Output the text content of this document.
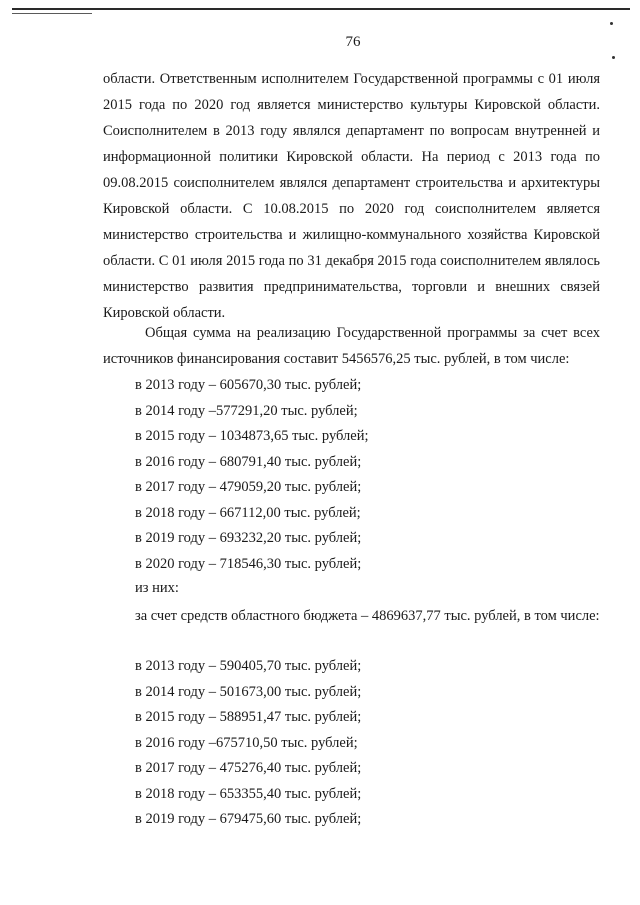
76

области. Ответственным исполнителем Государственной программы с 01 июля 2015 года по 2020 год является министерство культуры Кировской области. Соисполнителем в 2013 году являлся департамент по вопросам внутренней и информационной политики Кировской области. На период с 2013 года по 09.08.2015 соисполнителем являлся департамент строительства и архитектуры Кировской области. С 10.08.2015 по 2020 год соисполнителем является министерство строительства и жилищно-коммунального хозяйства Кировской области. С 01 июля 2015 года по 31 декабря 2015 года соисполнителем являлось министерство развития предпринимательства, торговли и внешних связей Кировской области.

Общая сумма на реализацию Государственной программы за счет всех источников финансирования составит 5456576,25 тыс. рублей, в том числе:

в 2013 году – 605670,30 тыс. рублей;
в 2014 году –577291,20 тыс. рублей;
в 2015 году – 1034873,65 тыс. рублей;
в 2016 году – 680791,40 тыс. рублей;
в 2017 году – 479059,20 тыс. рублей;
в 2018 году – 667112,00 тыс. рублей;
в 2019 году – 693232,20 тыс. рублей;
в 2020 году – 718546,30 тыс. рублей;
из них:

за счет средств областного бюджета – 4869637,77 тыс. рублей, в том числе:

в 2013 году – 590405,70 тыс. рублей;
в 2014 году – 501673,00 тыс. рублей;
в 2015 году – 588951,47 тыс. рублей;
в 2016 году –675710,50 тыс. рублей;
в 2017 году – 475276,40 тыс. рублей;
в 2018 году – 653355,40 тыс. рублей;
в 2019 году – 679475,60 тыс. рублей;
